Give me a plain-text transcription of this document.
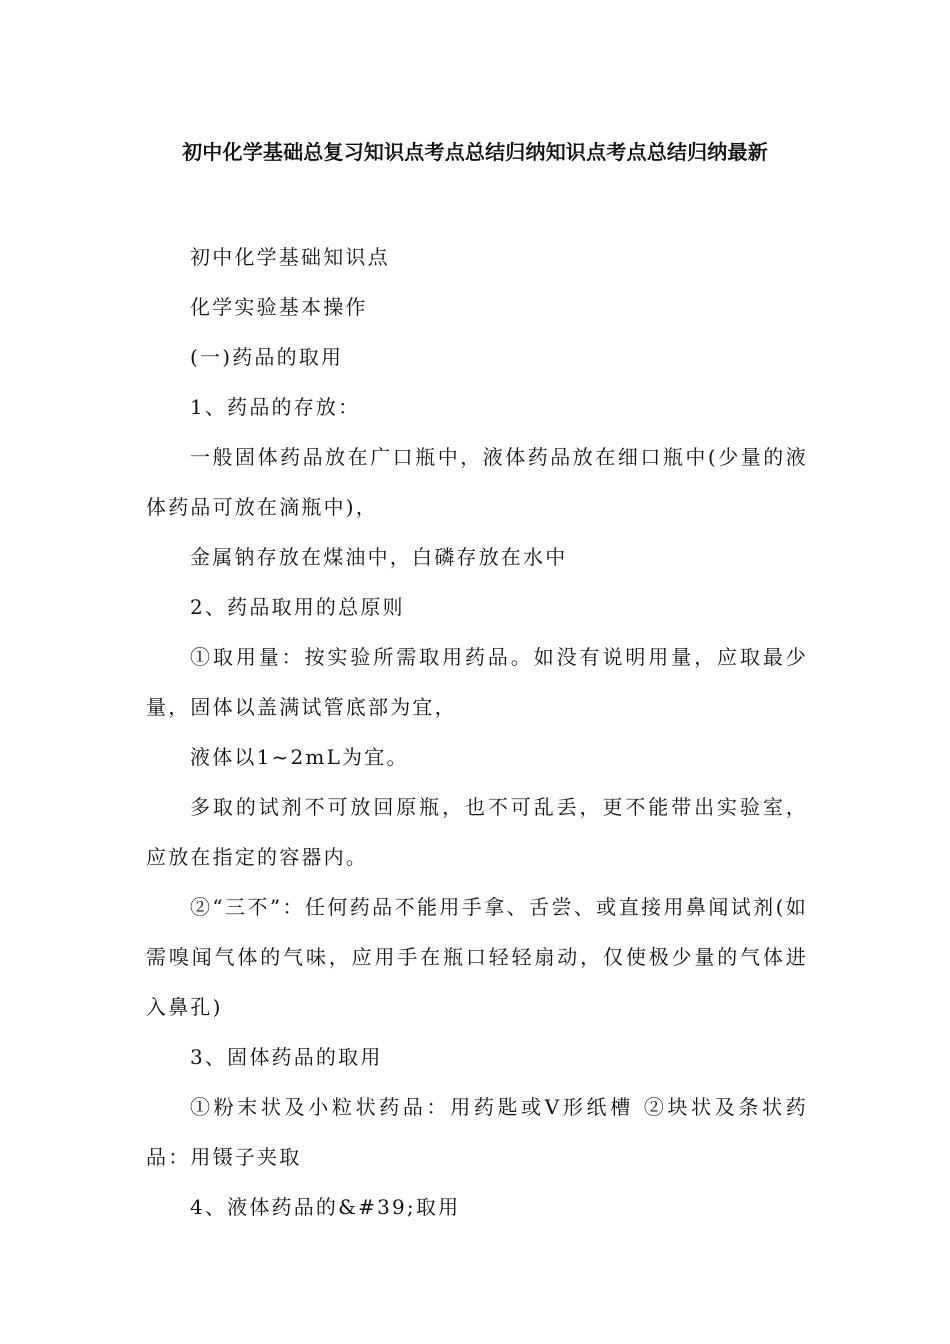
初中化学基础总复习知识点考点总结归纳知识点考点总结归纳最新

初中化学基础知识点

化学实验基本操作

(一)药品的取用

1、药品的存放：

一般固体药品放在广口瓶中，液体药品放在细口瓶中(少量的液体药品可放在滴瓶中)，

金属钠存放在煤油中，白磷存放在水中

2、药品取用的总原则

①取用量：按实验所需取用药品。如没有说明用量，应取最少量，固体以盖满试管底部为宜，

液体以1~2mL为宜。

多取的试剂不可放回原瓶，也不可乱丢，更不能带出实验室，应放在指定的容器内。

②“三不”：任何药品不能用手拿、舌尝、或直接用鼻闻试剂(如需嗅闻气体的气味，应用手在瓶口轻轻扇动，仅使极少量的气体进入鼻孔)

3、固体药品的取用

①粉末状及小粒状药品：用药匙或V形纸槽 ②块状及条状药品：用镊子夹取

4、液体药品的&#39;取用
